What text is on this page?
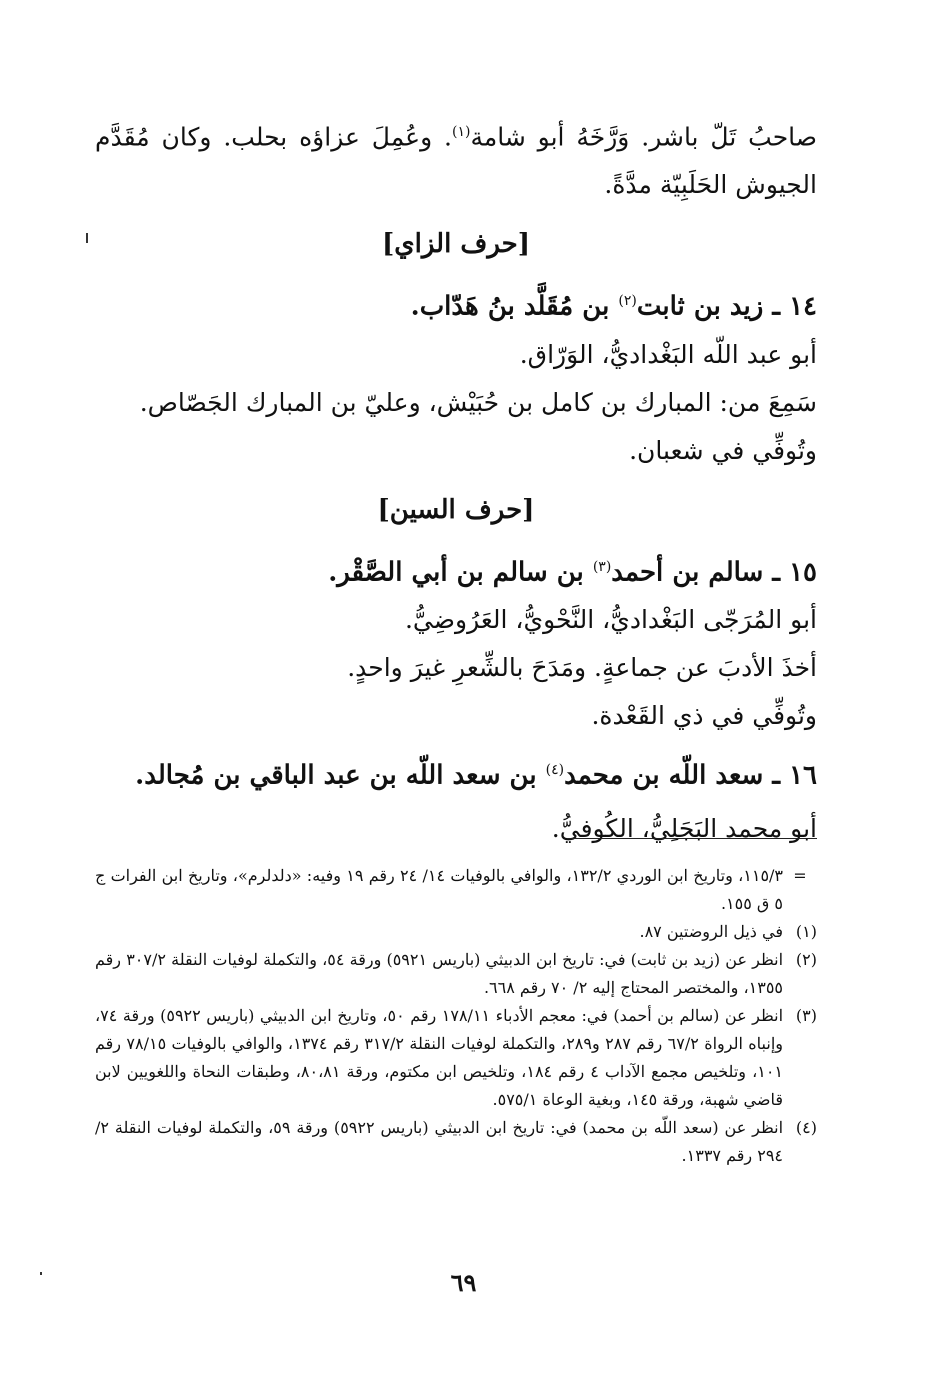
صاحبُ تَلّ باشر. وَرَّخَهُ أبو شامة$^{(١)}$. وعُمِلَ عزاؤه بحلب. وكان مُقَدَّم
الجيوش الحَلَبِيّة مدَّةً.
[حرف الزاي]
١٤ ـ زيد بن ثابت$^{(٢)}$ بن مُقَلَّد بنُ هَدّاب.
أبو عبد اللّه البَغْداديُّ، الوَرّاق.
سَمِعَ من: المبارك بن كامل بن حُبَيْش، وعليّ بن المبارك الجَصّاص.
وتُوفِّي في شعبان.
[حرف السين]
١٥ ـ سالم بن أحمد$^{(٣)}$ بن سالم بن أبي الصَّقْر.
أبو المُرَجّى البَغْداديُّ، النَّحْويُّ، العَرُوضِيُّ.
أخذَ الأدبَ عن جماعةٍ. ومَدَحَ بالشِّعرِ غيرَ واحدٍ.
وتُوفِّي في ذي القَعْدة.
١٦ ـ سعد اللّه بن محمد$^{(٤)}$ بن سعد اللّه بن عبد الباقي بن مُجالد.
أبو محمد البَجَلِيُّ، الكُوفيُّ.
=
١١٥/٣، وتاريخ ابن الوردي ١٣٢/٢، والوافي بالوفيات ١٤/ ٢٤ رقم ١٩ وفيه: «دلدلرم»، وتاريخ ابن الفرات ج ٥ ق ١٥٥.
(١)
في ذيل الروضتين ٨٧.
(٢)
انظر عن (زيد بن ثابت) في: تاريخ ابن الدبيثي (باريس ٥٩٢١) ورقة ٥٤، والتكملة لوفيات النقلة ٣٠٧/٢ رقم ١٣٥٥، والمختصر المحتاج إليه ٢/ ٧٠ رقم ٦٦٨.
(٣)
انظر عن (سالم بن أحمد) في: معجم الأدباء ١٧٨/١١ رقم ٥٠، وتاريخ ابن الدبيثي (باريس ٥٩٢٢) ورقة ٧٤، وإنباه الرواة ٦٧/٢ رقم ٢٨٧ و٢٨٩، والتكملة لوفيات النقلة ٣١٧/٢ رقم ١٣٧٤، والوافي بالوفيات ٧٨/١٥ رقم ١٠١، وتلخيص مجمع الآداب ٤ رقم ١٨٤، وتلخيص ابن مكتوم، ورقة ٨٠،٨١، وطبقات النحاة واللغويين لابن قاضي شهبة، ورقة ١٤٥، وبغية الوعاة ٥٧٥/١.
(٤)
انظر عن (سعد اللّه بن محمد) في: تاريخ ابن الدبيثي (باريس ٥٩٢٢) ورقة ٥٩، والتكملة لوفيات النقلة ٢/ ٢٩٤ رقم ١٣٣٧.
٦٩
